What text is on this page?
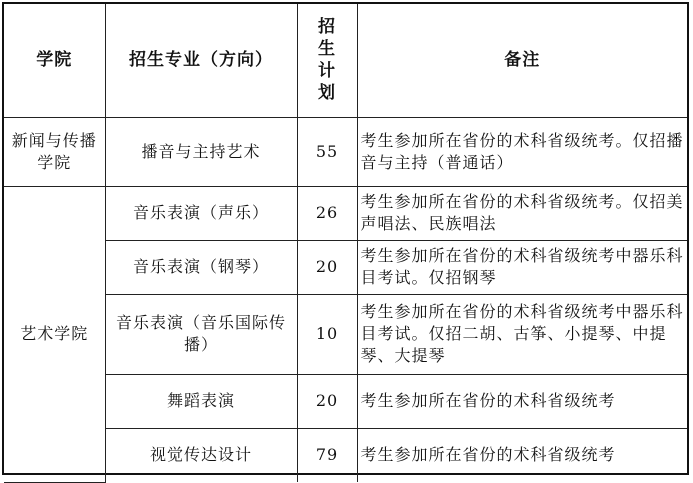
学院	招生专业（方向）	招生计划	备注
新闻与传播学院	播音与主持艺术	55	考生参加所在省份的术科省级统考。仅招播音与主持（普通话）
艺术学院	音乐表演（声乐）	26	考生参加所在省份的术科省级统考。仅招美声唱法、民族唱法
	音乐表演（钢琴）	20	考生参加所在省份的术科省级统考中器乐科目考试。仅招钢琴
	音乐表演（音乐国际传播）	10	考生参加所在省份的术科省级统考中器乐科目考试。仅招二胡、古筝、小提琴、中提琴、大提琴
	舞蹈表演	20	考生参加所在省份的术科省级统考
	视觉传达设计	79	考生参加所在省份的术科省级统考
